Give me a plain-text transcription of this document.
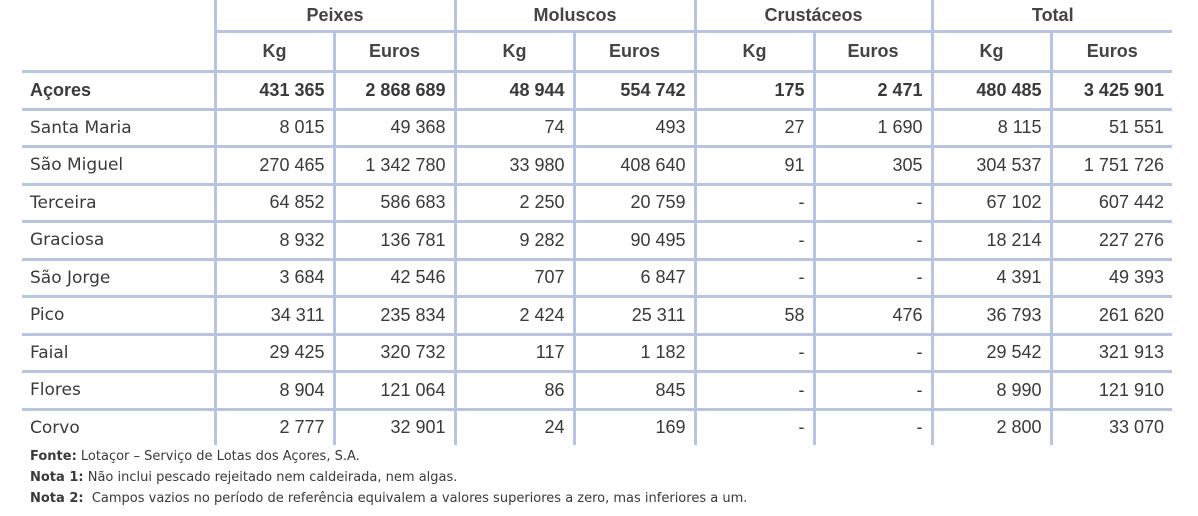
	Peixes		Moluscos		Crustáceos		Total	
	Kg	Euros	Kg	Euros	Kg	Euros	Kg	Euros
Açores	431 365	2 868 689	48 944	554 742	175	2 471	480 485	3 425 901
Santa Maria	8 015	49 368	74	493	27	1 690	8 115	51 551
São Miguel	270 465	1 342 780	33 980	408 640	91	305	304 537	1 751 726
Terceira	64 852	586 683	2 250	20 759	-	-	67 102	607 442
Graciosa	8 932	136 781	9 282	90 495	-	-	18 214	227 276
São Jorge	3 684	42 546	707	6 847	-	-	4 391	49 393
Pico	34 311	235 834	2 424	25 311	58	476	36 793	261 620
Faial	29 425	320 732	117	1 182	-	-	29 542	321 913
Flores	8 904	121 064	86	845	-	-	8 990	121 910
Corvo	2 777	32 901	24	169	-	-	2 800	33 070
Fonte: Lotaçor – Serviço de Lotas dos Açores, S.A.
Nota 1: Não inclui pescado rejeitado nem caldeirada, nem algas.
Nota 2: Campos vazios no período de referência equivalem a valores superiores a zero, mas inferiores a um.
